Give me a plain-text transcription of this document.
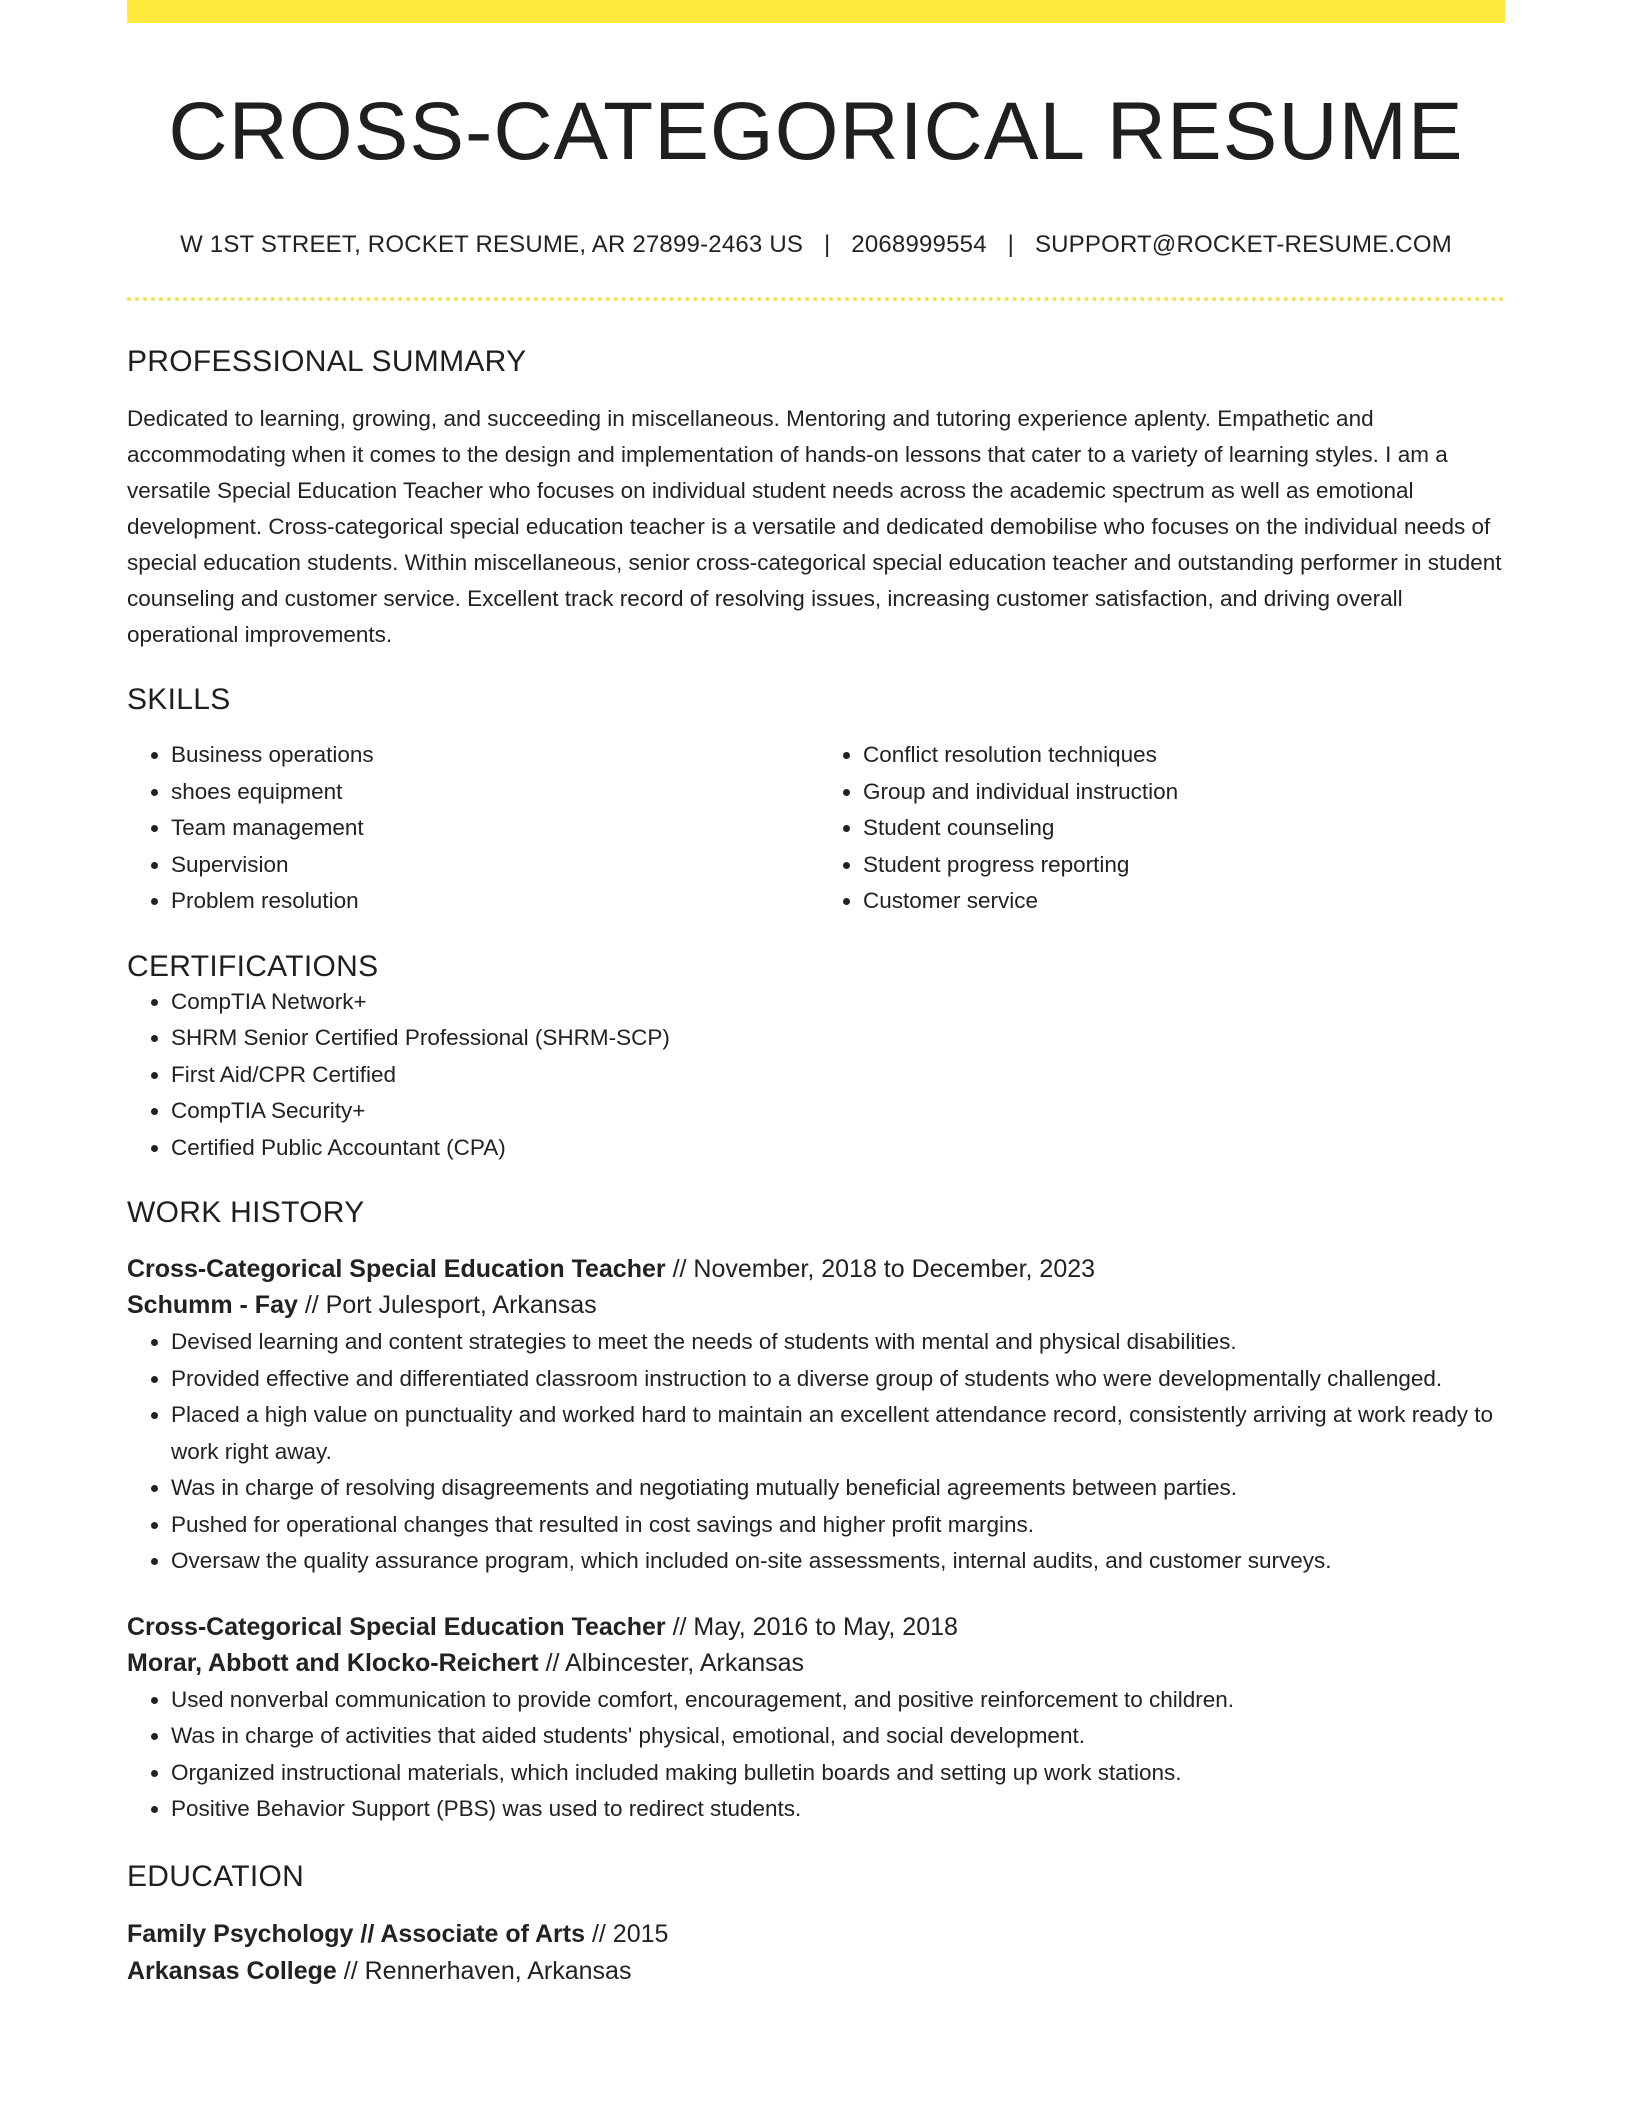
CROSS-CATEGORICAL RESUME
W 1ST STREET, ROCKET RESUME, AR 27899-2463 US | 2068999554 | SUPPORT@ROCKET-RESUME.COM
PROFESSIONAL SUMMARY
Dedicated to learning, growing, and succeeding in miscellaneous. Mentoring and tutoring experience aplenty. Empathetic and accommodating when it comes to the design and implementation of hands-on lessons that cater to a variety of learning styles. I am a versatile Special Education Teacher who focuses on individual student needs across the academic spectrum as well as emotional development. Cross-categorical special education teacher is a versatile and dedicated demobilise who focuses on the individual needs of special education students. Within miscellaneous, senior cross-categorical special education teacher and outstanding performer in student counseling and customer service. Excellent track record of resolving issues, increasing customer satisfaction, and driving overall operational improvements.
SKILLS
• Business operations
• shoes equipment
• Team management
• Supervision
• Problem resolution
• Conflict resolution techniques
• Group and individual instruction
• Student counseling
• Student progress reporting
• Customer service
CERTIFICATIONS
• CompTIA Network+
• SHRM Senior Certified Professional (SHRM-SCP)
• First Aid/CPR Certified
• CompTIA Security+
• Certified Public Accountant (CPA)
WORK HISTORY
Cross-Categorical Special Education Teacher // November, 2018 to December, 2023
Schumm - Fay // Port Julesport, Arkansas
• Devised learning and content strategies to meet the needs of students with mental and physical disabilities.
• Provided effective and differentiated classroom instruction to a diverse group of students who were developmentally challenged.
• Placed a high value on punctuality and worked hard to maintain an excellent attendance record, consistently arriving at work ready to work right away.
• Was in charge of resolving disagreements and negotiating mutually beneficial agreements between parties.
• Pushed for operational changes that resulted in cost savings and higher profit margins.
• Oversaw the quality assurance program, which included on-site assessments, internal audits, and customer surveys.
Cross-Categorical Special Education Teacher // May, 2016 to May, 2018
Morar, Abbott and Klocko-Reichert // Albincester, Arkansas
• Used nonverbal communication to provide comfort, encouragement, and positive reinforcement to children.
• Was in charge of activities that aided students' physical, emotional, and social development.
• Organized instructional materials, which included making bulletin boards and setting up work stations.
• Positive Behavior Support (PBS) was used to redirect students.
EDUCATION
Family Psychology // Associate of Arts // 2015
Arkansas College // Rennerhaven, Arkansas
